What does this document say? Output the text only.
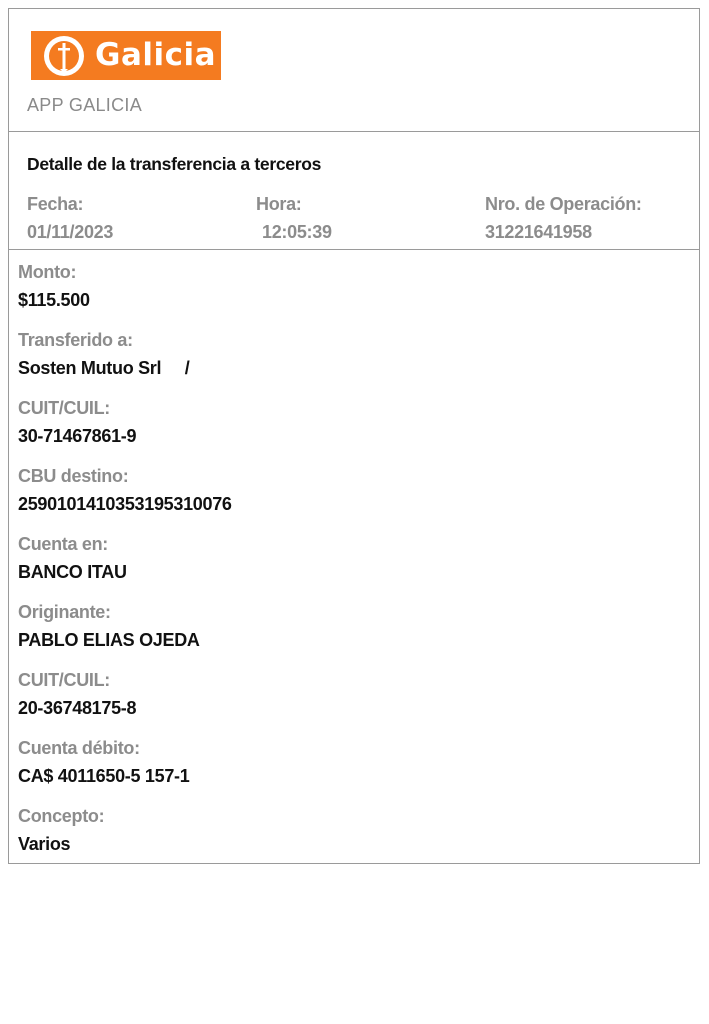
Galicia
APP GALICIA
Detalle de la transferencia a terceros
Fecha:
01/11/2023
Hora:
12:05:39
Nro. de Operación:
31221641958
Monto:
$115.500
Transferido a:
Sosten Mutuo Srl     /
CUIT/CUIL:
30-71467861-9
CBU destino:
2590101410353195310076
Cuenta en:
BANCO ITAU
Originante:
PABLO ELIAS OJEDA
CUIT/CUIL:
20-36748175-8
Cuenta débito:
CA$ 4011650-5 157-1
Concepto:
Varios
